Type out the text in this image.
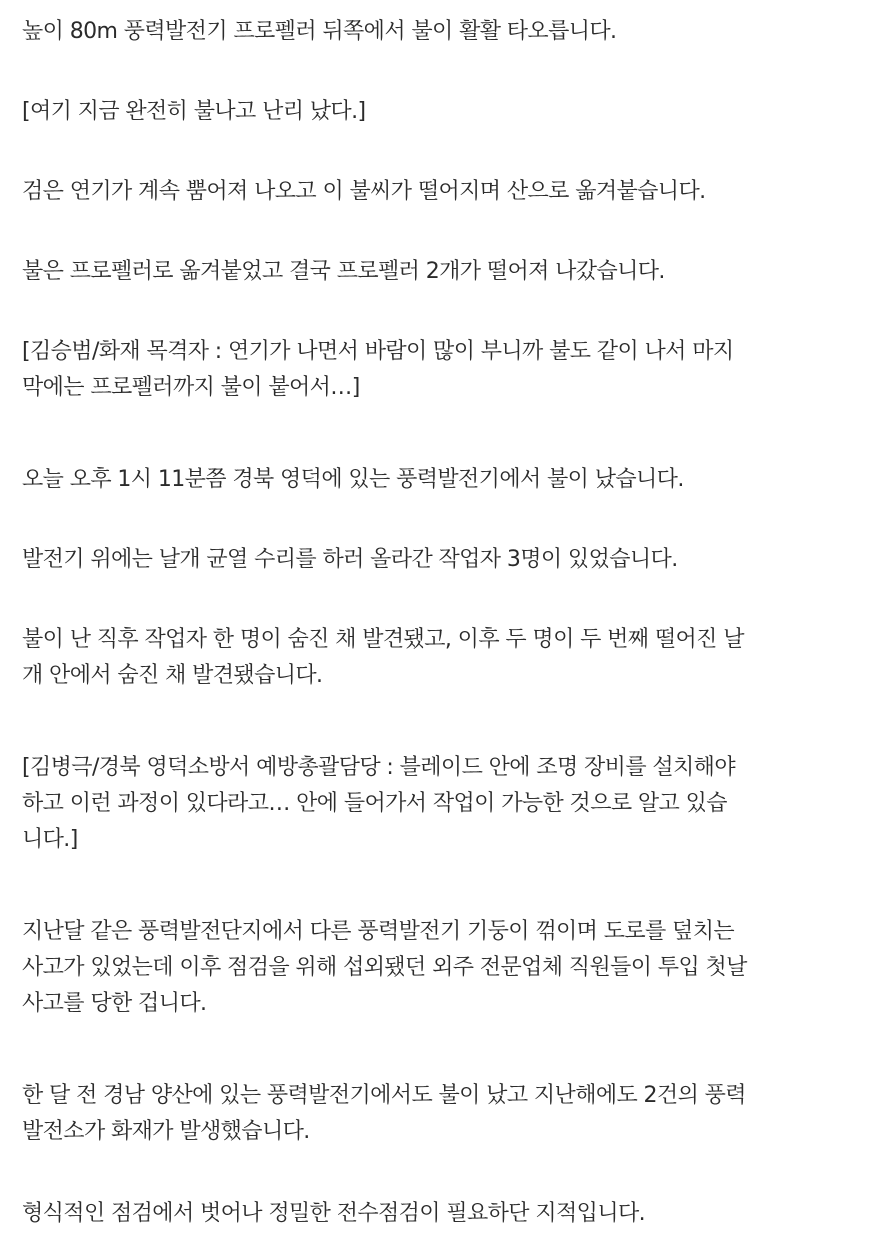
높이 80m 풍력발전기 프로펠러 뒤쪽에서 불이 활활 타오릅니다.

[여기 지금 완전히 불나고 난리 났다.]

검은 연기가 계속 뿜어져 나오고 이 불씨가 떨어지며 산으로 옮겨붙습니다.

불은 프로펠러로 옮겨붙었고 결국 프로펠러 2개가 떨어져 나갔습니다.

[김승범/화재 목격자 : 연기가 나면서 바람이 많이 부니까 불도 같이 나서 마지
막에는 프로펠러까지 불이 붙어서…]

오늘 오후 1시 11분쯤 경북 영덕에 있는 풍력발전기에서 불이 났습니다.

발전기 위에는 날개 균열 수리를 하러 올라간 작업자 3명이 있었습니다.

불이 난 직후 작업자 한 명이 숨진 채 발견됐고, 이후 두 명이 두 번째 떨어진 날
개 안에서 숨진 채 발견됐습니다.

[김병극/경북 영덕소방서 예방총괄담당 : 블레이드 안에 조명 장비를 설치해야
하고 이런 과정이 있다라고… 안에 들어가서 작업이 가능한 것으로 알고 있습
니다.]

지난달 같은 풍력발전단지에서 다른 풍력발전기 기둥이 꺾이며 도로를 덮치는
사고가 있었는데 이후 점검을 위해 섭외됐던 외주 전문업체 직원들이 투입 첫날
사고를 당한 겁니다.

한 달 전 경남 양산에 있는 풍력발전기에서도 불이 났고 지난해에도 2건의 풍력
발전소가 화재가 발생했습니다.

형식적인 점검에서 벗어나 정밀한 전수점검이 필요하단 지적입니다.
